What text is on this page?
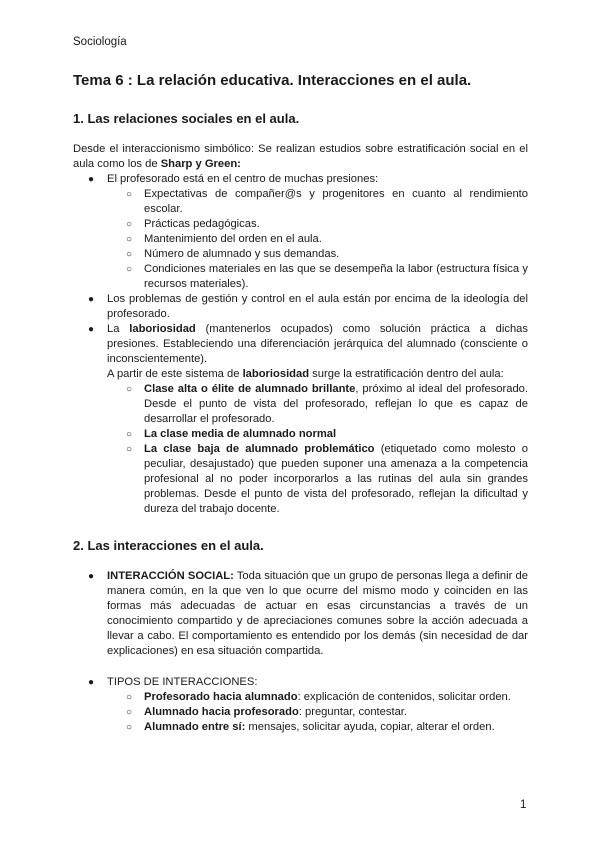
Sociología
Tema 6 : La relación educativa. Interacciones en el aula.
1. Las relaciones sociales en el aula.

Desde el interaccionismo simbólico: Se realizan estudios sobre estratificación social en el aula como los de Sharp y Green:

● El profesorado está en el centro de muchas presiones:
○ Expectativas de compañer@s y progenitores en cuanto al rendimiento escolar.
○ Prácticas pedagógicas.
○ Mantenimiento del orden en el aula.
○ Número de alumnado y sus demandas.
○ Condiciones materiales en las que se desempeña la labor (estructura física y recursos materiales).
● Los problemas de gestión y control en el aula están por encima de la ideología del profesorado.
● La laboriosidad (mantenerlos ocupados) como solución práctica a dichas presiones. Estableciendo una diferenciación jerárquica del alumnado (consciente o inconscientemente).
A partir de este sistema de laboriosidad surge la estratificación dentro del aula:
○ Clase alta o élite de alumnado brillante, próximo al ideal del profesorado. Desde el punto de vista del profesorado, reflejan lo que es capaz de desarrollar el profesorado.
○ La clase media de alumnado normal
○ La clase baja de alumnado problemático (etiquetado como molesto o peculiar, desajustado) que pueden suponer una amenaza a la competencia profesional al no poder incorporarlos a las rutinas del aula sin grandes problemas. Desde el punto de vista del profesorado, reflejan la dificultad y dureza del trabajo docente.
2. Las interacciones en el aula.
● INTERACCIÓN SOCIAL: Toda situación que un grupo de personas llega a definir de manera común, en la que ven lo que ocurre del mismo modo y coinciden en las formas más adecuadas de actuar en esas circunstancias a través de un conocimiento compartido y de apreciaciones comunes sobre la acción adecuada a llevar a cabo. El comportamiento es entendido por los demás (sin necesidad de dar explicaciones) en esa situación compartida.
● TIPOS DE INTERACCIONES:
○ Profesorado hacia alumnado: explicación de contenidos, solicitar orden.
○ Alumnado hacia profesorado: preguntar, contestar.
○ Alumnado entre sí: mensajes, solicitar ayuda, copiar, alterar el orden.
1
